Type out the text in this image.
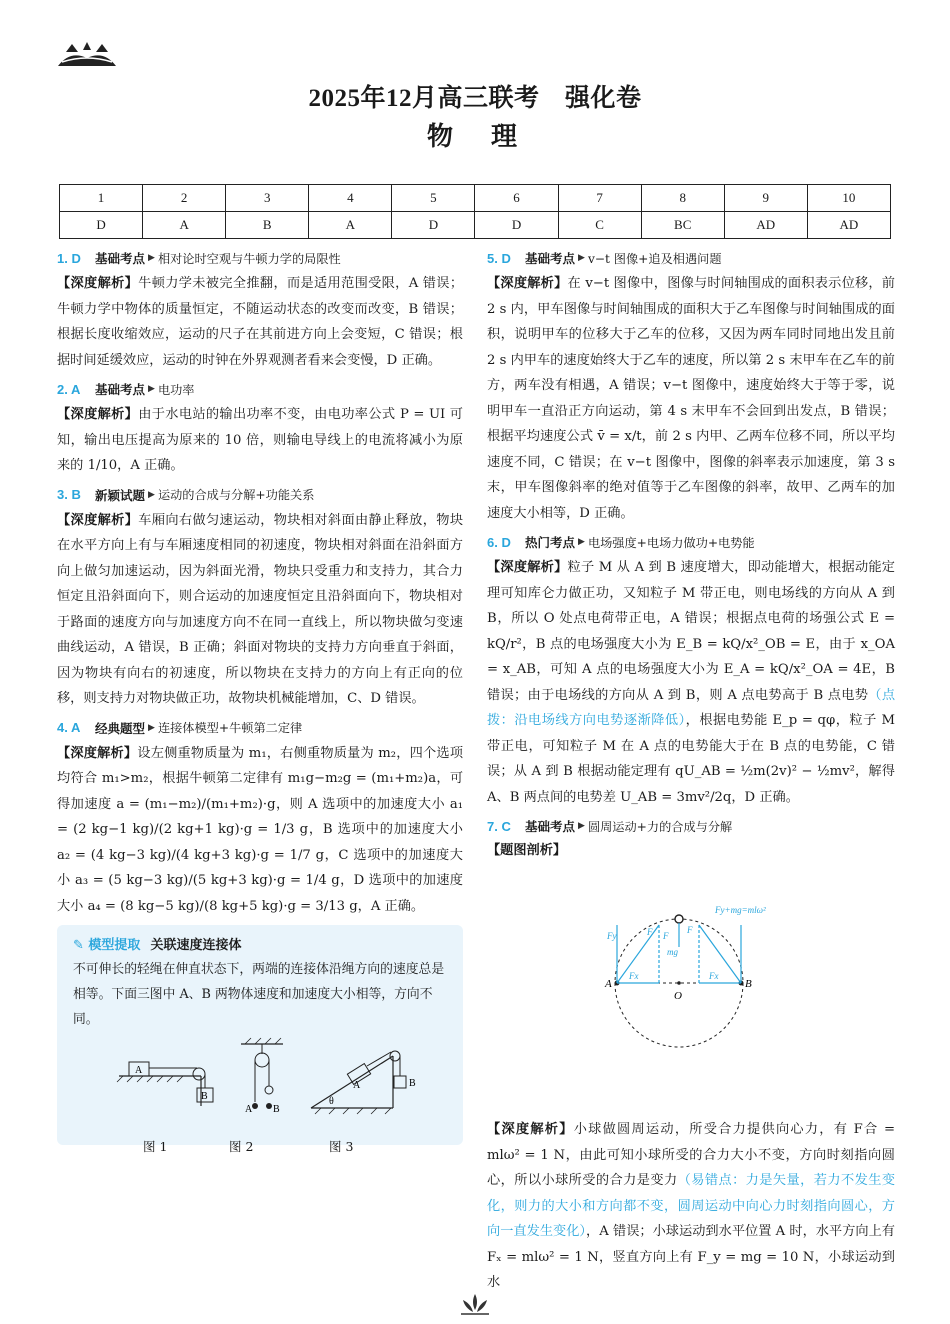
2025年12月高三联考　强化卷
物　理
1	2	3	4	5	6	7	8	9	10
D	A	B	A	D	D	C	BC	AD	AD
1. D	基础考点 ▶ 相对论时空观与牛顿力学的局限性

【深度解析】牛顿力学未被完全推翻，而是适用范围受限，A 错误；牛顿力学中物体的质量恒定，不随运动状态的改变而改变，B 错误；根据长度收缩效应，运动的尺子在其前进方向上会变短，C 错误；根据时间延缓效应，运动的时钟在外界观测者看来会变慢，D 正确。

2. A	基础考点 ▶ 电功率

【深度解析】由于水电站的输出功率不变，由电功率公式 P = UI 可知，输出电压提高为原来的 10 倍，则输电导线上的电流将减小为原来的 1/10，A 正确。

3. B	新颖试题 ▶ 运动的合成与分解+功能关系

【深度解析】车厢向右做匀速运动，物块相对斜面由静止释放，物块在水平方向上有与车厢速度相同的初速度，物块相对斜面在沿斜面方向上做匀加速运动，因为斜面光滑，物块只受重力和支持力，其合力恒定且沿斜面向下，则合运动的加速度恒定且沿斜面向下，物块相对于路面的速度方向与加速度方向不在同一直线上，所以物块做匀变速曲线运动，A 错误，B 正确；斜面对物块的支持力方向垂直于斜面，因为物块有向右的初速度，所以物块在支持力的方向上有正向的位移，则支持力对物块做正功，故物块机械能增加，C、D 错误。

4. A	经典题型 ▶ 连接体模型+牛顿第二定律

【深度解析】设左侧重物质量为 m₁，右侧重物质量为 m₂，四个选项均符合 m₁>m₂，根据牛顿第二定律有 m₁g−m₂g = (m₁+m₂)a，可得加速度 a = (m₁−m₂)/(m₁+m₂)·g，则 A 选项中的加速度大小 a₁ = (2 kg−1 kg)/(2 kg+1 kg)·g = 1/3 g，B 选项中的加速度大小 a₂ = (4 kg−3 kg)/(4 kg+3 kg)·g = 1/7 g，C 选项中的加速度大小 a₃ = (5 kg−3 kg)/(5 kg+3 kg)·g = 1/4 g，D 选项中的加速度大小 a₄ = (8 kg−5 kg)/(8 kg+5 kg)·g = 3/13 g，A 正确。

✎ 模型提取 关联速度连接体

不可伸长的轻绳在伸直状态下，两端的连接体沿绳方向的速度总是相等。下面三图中 A、B 两物体速度和加速度大小相等，方向不同。

A
B
A B
A	B
θ
图 1	图 2	图 3
5. D	基础考点 ▶ v−t 图像+追及相遇问题

【深度解析】在 v−t 图像中，图像与时间轴围成的面积表示位移，前 2 s 内，甲车图像与时间轴围成的面积大于乙车图像与时间轴围成的面积，说明甲车的位移大于乙车的位移，又因为两车同时同地出发且前 2 s 内甲车的速度始终大于乙车的速度，所以第 2 s 末甲车在乙车的前方，两车没有相遇，A 错误；v−t 图像中，速度始终大于等于零，说明甲车一直沿正方向运动，第 4 s 末甲车不会回到出发点，B 错误；根据平均速度公式 v̄ = x/t，前 2 s 内甲、乙两车位移不同，所以平均速度不同，C 错误；在 v−t 图像中，图像的斜率表示加速度，第 3 s 末，甲车图像斜率的绝对值等于乙车图像的斜率，故甲、乙两车的加速度大小相等，D 正确。

6. D	热门考点 ▶ 电场强度+电场力做功+电势能

【深度解析】粒子 M 从 A 到 B 速度增大，即动能增大，根据动能定理可知库仑力做正功，又知粒子 M 带正电，则电场线的方向从 A 到 B，所以 O 处点电荷带正电，A 错误；根据点电荷的场强公式 E = kQ/r²，B 点的电场强度大小为 E_B = kQ/x²_OB = E，由于 x_OA = x_AB，可知 A 点的电场强度大小为 E_A = kQ/x²_OA = 4E，B 错误；由于电场线的方向从 A 到 B，则 A 点电势高于 B 点电势（点拨：沿电场线方向电势逐渐降低），根据电势能 E_p = qφ，粒子 M 带正电，可知粒子 M 在 A 点的电势能大于在 B 点的电势能，C 错误；从 A 到 B 根据动能定理有 qU_AB = ½m(2v)² − ½mv²，解得 A、B 两点间的电势差 U_AB = 3mv²/2q，D 正确。

7. C	基础考点 ▶ 圆周运动+力的合成与分解
【题图剖析】
O
A	B
Fy	F
Fx
F
mg
F
Fx
Fy+mg=mlω²

【深度解析】小球做圆周运动，所受合力提供向心力，有 F合 = mlω² = 1 N，由此可知小球所受的合力大小不变，方向时刻指向圆心，所以小球所受的合力是变力（易错点：力是矢量，若力不发生变化，则力的大小和方向都不变，圆周运动中向心力时刻指向圆心，方向一直发生变化），A 错误；小球运动到水平位置 A 时，水平方向上有 Fₓ = mlω² = 1 N，竖直方向上有 F_y = mg = 10 N，小球运动到水
